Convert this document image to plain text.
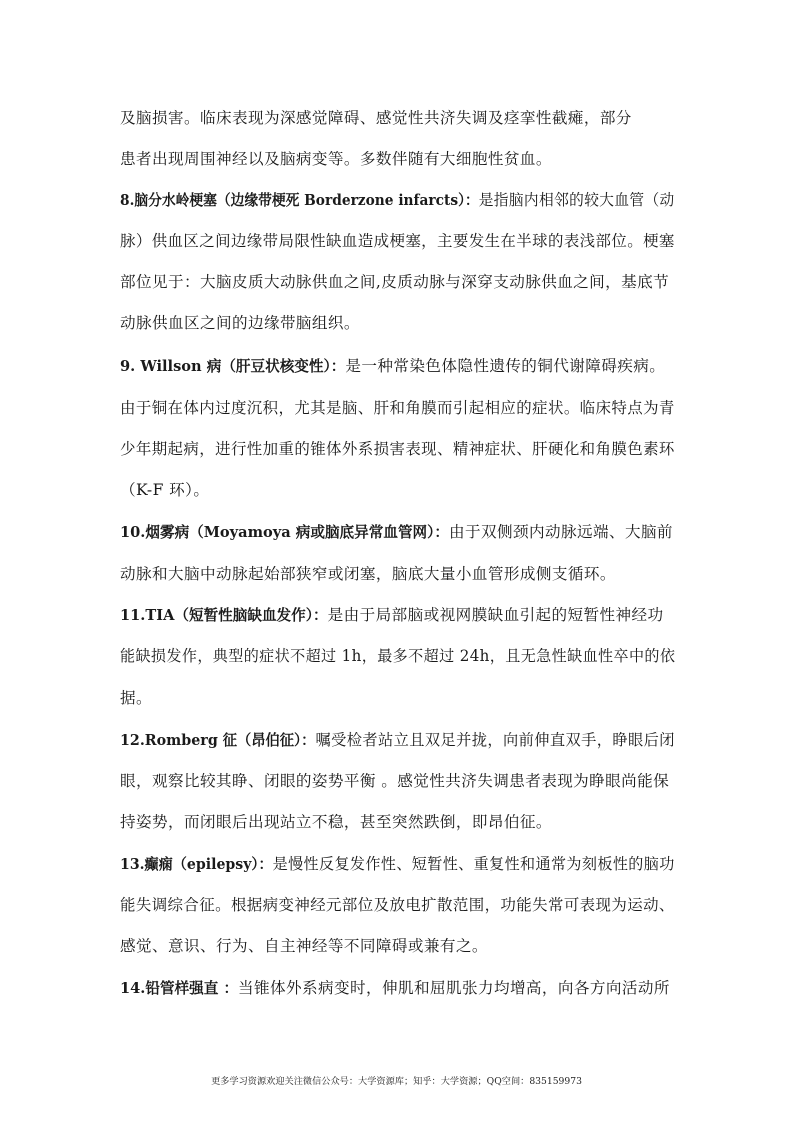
及脑损害。临床表现为深感觉障碍、感觉性共济失调及痉挛性截瘫，部分
患者出现周围神经以及脑病变等。多数伴随有大细胞性贫血。
8.脑分水岭梗塞（边缘带梗死 Borderzone infarcts）：是指脑内相邻的较大血管（动
脉）供血区之间边缘带局限性缺血造成梗塞，主要发生在半球的表浅部位。梗塞
部位见于：大脑皮质大动脉供血之间,皮质动脉与深穿支动脉供血之间，基底节
动脉供血区之间的边缘带脑组织。
9. Willson 病（肝豆状核变性）：是一种常染色体隐性遗传的铜代谢障碍疾病。
由于铜在体内过度沉积，尤其是脑、肝和角膜而引起相应的症状。临床特点为青
少年期起病，进行性加重的锥体外系损害表现、精神症状、肝硬化和角膜色素环
（K-F 环）。
10.烟雾病（Moyamoya 病或脑底异常血管网）：由于双侧颈内动脉远端、大脑前
动脉和大脑中动脉起始部狭窄或闭塞，脑底大量小血管形成侧支循环。
11.TIA（短暂性脑缺血发作）：是由于局部脑或视网膜缺血引起的短暂性神经功
能缺损发作，典型的症状不超过 1h，最多不超过 24h，且无急性缺血性卒中的依
据。
12.Romberg 征（昂伯征）：嘱受检者站立且双足并拢，向前伸直双手，睁眼后闭
眼，观察比较其睁、闭眼的姿势平衡 。感觉性共济失调患者表现为睁眼尚能保
持姿势，而闭眼后出现站立不稳，甚至突然跌倒，即昂伯征。
13.癫痫（epilepsy）：是慢性反复发作性、短暂性、重复性和通常为刻板性的脑功
能失调综合征。根据病变神经元部位及放电扩散范围，功能失常可表现为运动、
感觉、意识、行为、自主神经等不同障碍或兼有之。
14.铅管样强直 ：当锥体外系病变时，伸肌和屈肌张力均增高，向各方向活动所
更多学习资源欢迎关注微信公众号：大学资源库；知乎：大学资源；QQ空间：835159973
